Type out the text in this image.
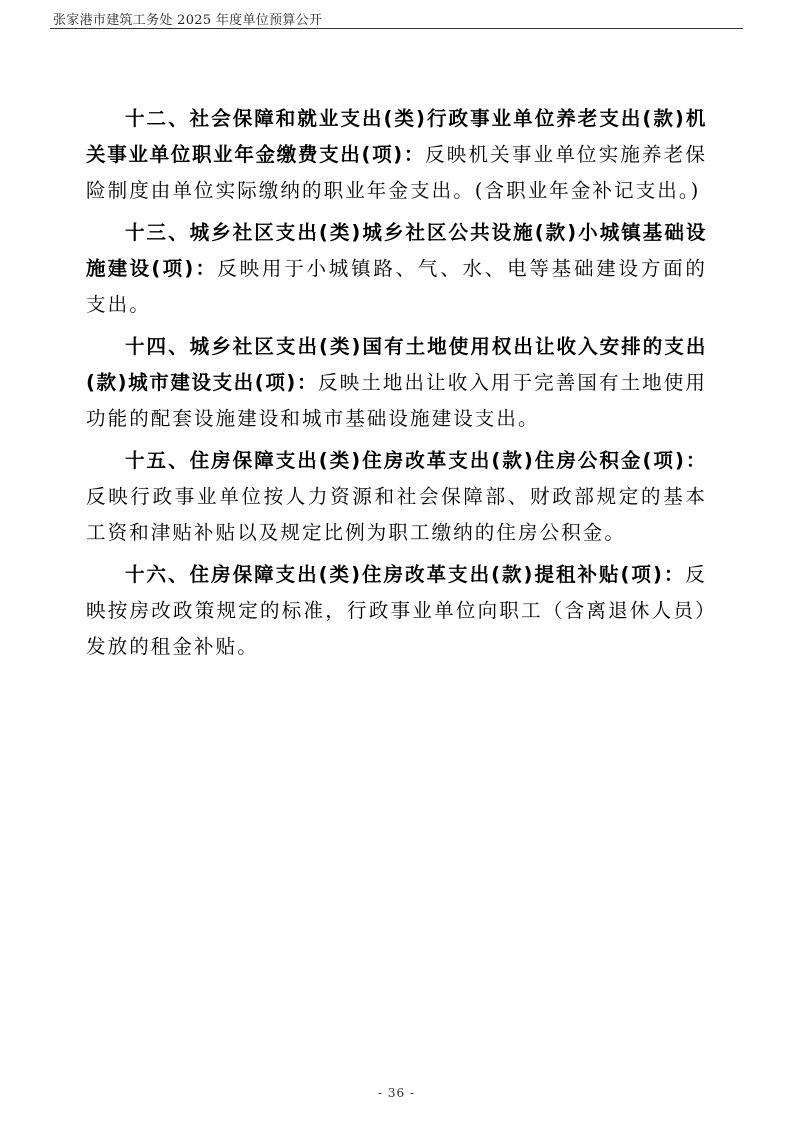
张家港市建筑工务处 2025 年度单位预算公开

十二、社会保障和就业支出(类)行政事业单位养老支出(款)机关事业单位职业年金缴费支出(项)：反映机关事业单位实施养老保险制度由单位实际缴纳的职业年金支出。(含职业年金补记支出。)

十三、城乡社区支出(类)城乡社区公共设施(款)小城镇基础设施建设(项)：反映用于小城镇路、气、水、电等基础建设方面的支出。

十四、城乡社区支出(类)国有土地使用权出让收入安排的支出(款)城市建设支出(项)：反映土地出让收入用于完善国有土地使用功能的配套设施建设和城市基础设施建设支出。

十五、住房保障支出(类)住房改革支出(款)住房公积金(项)：反映行政事业单位按人力资源和社会保障部、财政部规定的基本工资和津贴补贴以及规定比例为职工缴纳的住房公积金。

十六、住房保障支出(类)住房改革支出(款)提租补贴(项)：反映按房改政策规定的标准，行政事业单位向职工（含离退休人员）发放的租金补贴。

- 36 -
